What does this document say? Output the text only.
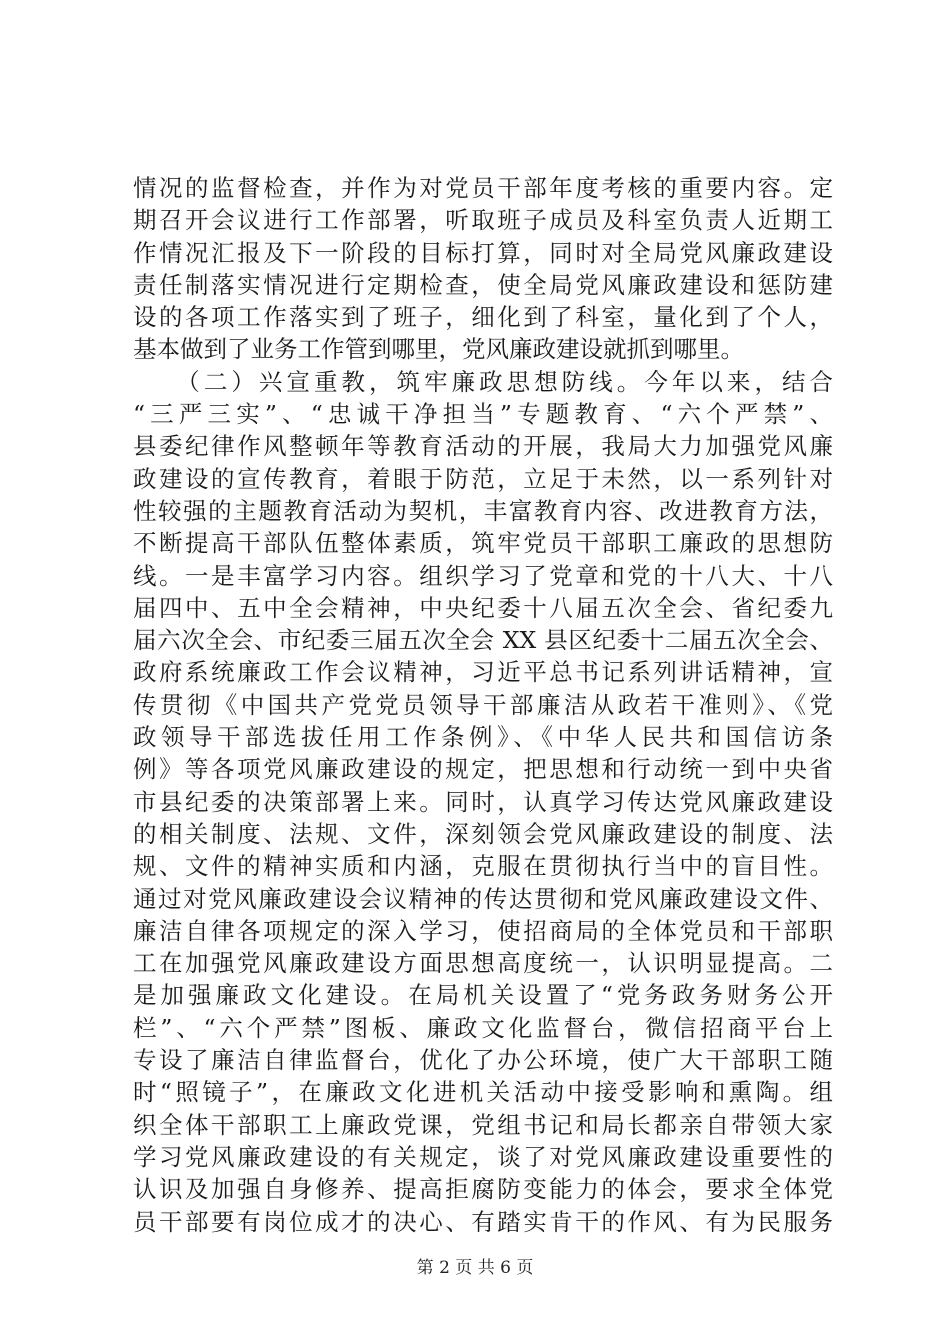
情况的监督检查，并作为对党员干部年度考核的重要内容。定
期召开会议进行工作部署，听取班子成员及科室负责人近期工
作情况汇报及下一阶段的目标打算，同时对全局党风廉政建设
责任制落实情况进行定期检查，使全局党风廉政建设和惩防建
设的各项工作落实到了班子，细化到了科室，量化到了个人，
基本做到了业务工作管到哪里，党风廉政建设就抓到哪里。
　　（二）兴宣重教，筑牢廉政思想防线。今年以来，结合
“三严三实”、“忠诚干净担当”专题教育、“六个严禁”、
县委纪律作风整顿年等教育活动的开展，我局大力加强党风廉
政建设的宣传教育，着眼于防范，立足于未然，以一系列针对
性较强的主题教育活动为契机，丰富教育内容、改进教育方法，
不断提高干部队伍整体素质，筑牢党员干部职工廉政的思想防
线。一是丰富学习内容。组织学习了党章和党的十八大、十八
届四中、五中全会精神，中央纪委十八届五次全会、省纪委九
届六次全会、市纪委三届五次全会 XX 县区纪委十二届五次全会、
政府系统廉政工作会议精神，习近平总书记系列讲话精神，宣
传贯彻《中国共产党党员领导干部廉洁从政若干准则》、《党
政领导干部选拔任用工作条例》、《中华人民共和国信访条
例》等各项党风廉政建设的规定，把思想和行动统一到中央省
市县纪委的决策部署上来。同时，认真学习传达党风廉政建设
的相关制度、法规、文件，深刻领会党风廉政建设的制度、法
规、文件的精神实质和内涵，克服在贯彻执行当中的盲目性。
通过对党风廉政建设会议精神的传达贯彻和党风廉政建设文件、
廉洁自律各项规定的深入学习，使招商局的全体党员和干部职
工在加强党风廉政建设方面思想高度统一，认识明显提高。二
是加强廉政文化建设。在局机关设置了“党务政务财务公开
栏”、“六个严禁”图板、廉政文化监督台，微信招商平台上
专设了廉洁自律监督台，优化了办公环境，使广大干部职工随
时“照镜子”，在廉政文化进机关活动中接受影响和熏陶。组
织全体干部职工上廉政党课，党组书记和局长都亲自带领大家
学习党风廉政建设的有关规定，谈了对党风廉政建设重要性的
认识及加强自身修养、提高拒腐防变能力的体会，要求全体党
员干部要有岗位成才的决心、有踏实肯干的作风、有为民服务
第 2 页 共 6 页
